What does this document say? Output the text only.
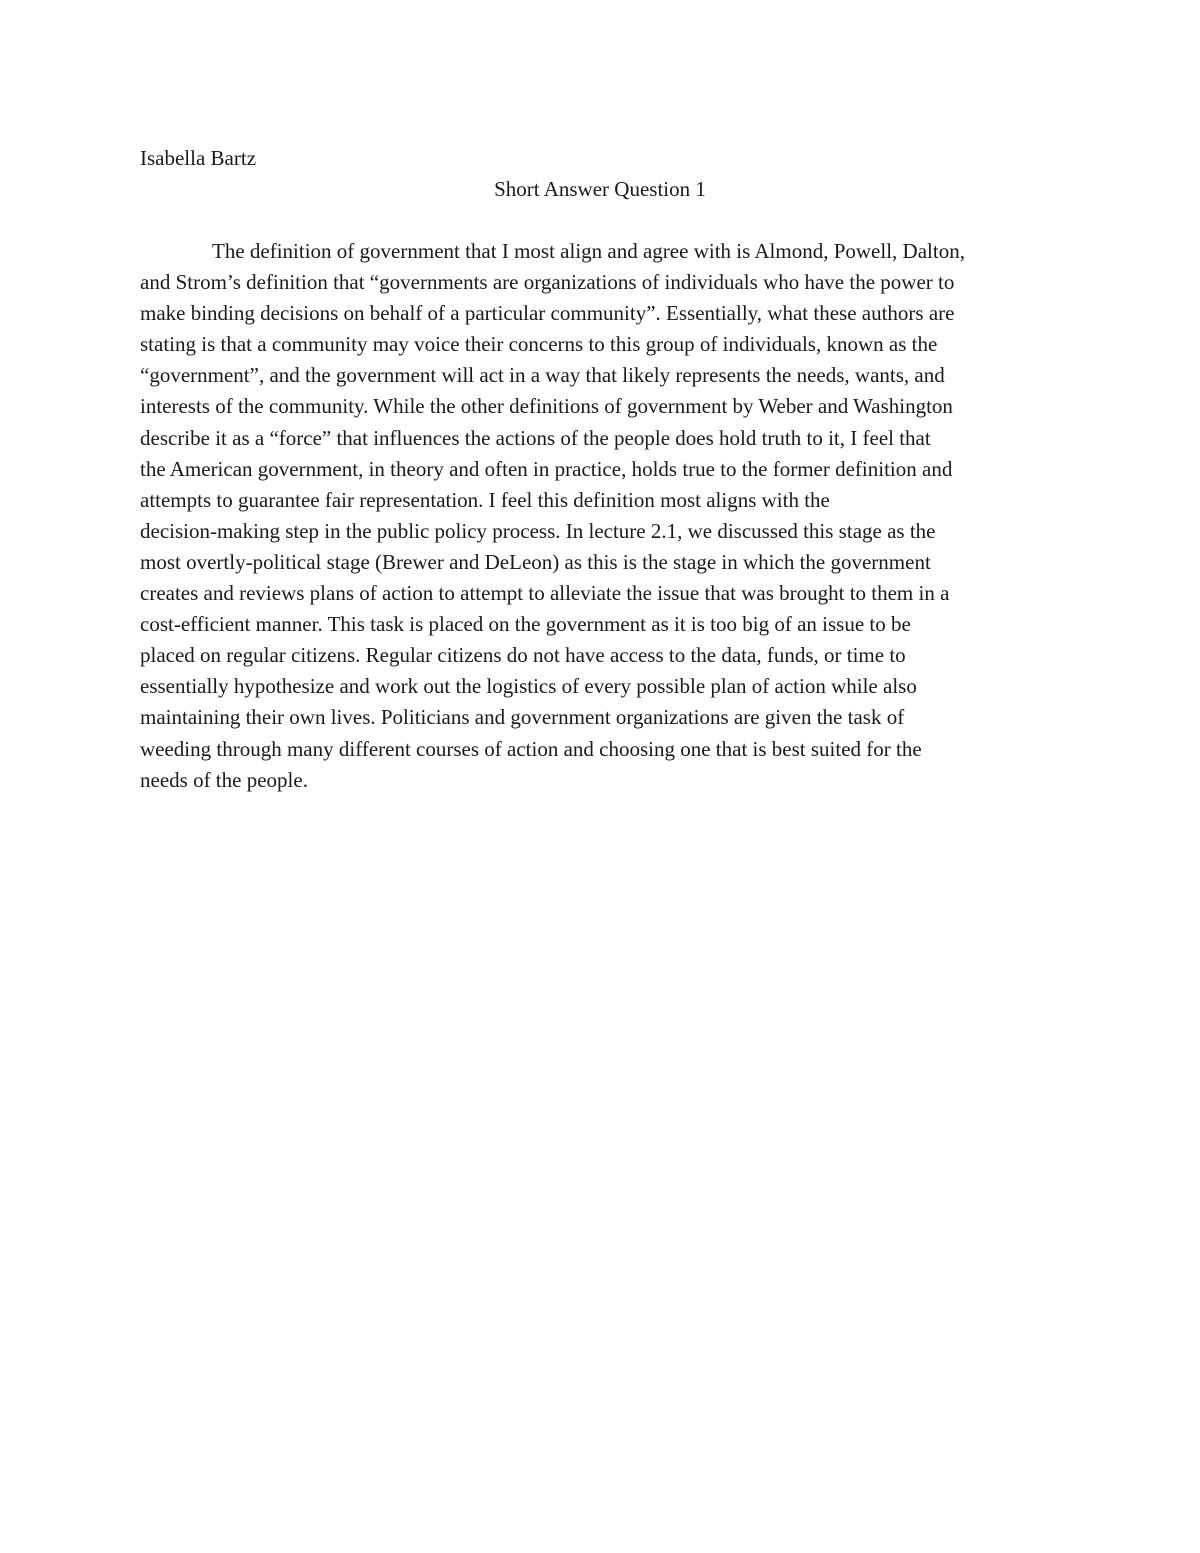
Isabella Bartz

Short Answer Question 1
The definition of government that I most align and agree with is Almond, Powell, Dalton,
and Strom’s definition that “governments are organizations of individuals who have the power to
make binding decisions on behalf of a particular community”. Essentially, what these authors are
stating is that a community may voice their concerns to this group of individuals, known as the
“government”, and the government will act in a way that likely represents the needs, wants, and
interests of the community. While the other definitions of government by Weber and Washington
describe it as a “force” that influences the actions of the people does hold truth to it, I feel that
the American government, in theory and often in practice, holds true to the former definition and
attempts to guarantee fair representation. I feel this definition most aligns with the
decision-making step in the public policy process. In lecture 2.1, we discussed this stage as the
most overtly-political stage (Brewer and DeLeon) as this is the stage in which the government
creates and reviews plans of action to attempt to alleviate the issue that was brought to them in a
cost-efficient manner. This task is placed on the government as it is too big of an issue to be
placed on regular citizens. Regular citizens do not have access to the data, funds, or time to
essentially hypothesize and work out the logistics of every possible plan of action while also
maintaining their own lives. Politicians and government organizations are given the task of
weeding through many different courses of action and choosing one that is best suited for the
needs of the people.
